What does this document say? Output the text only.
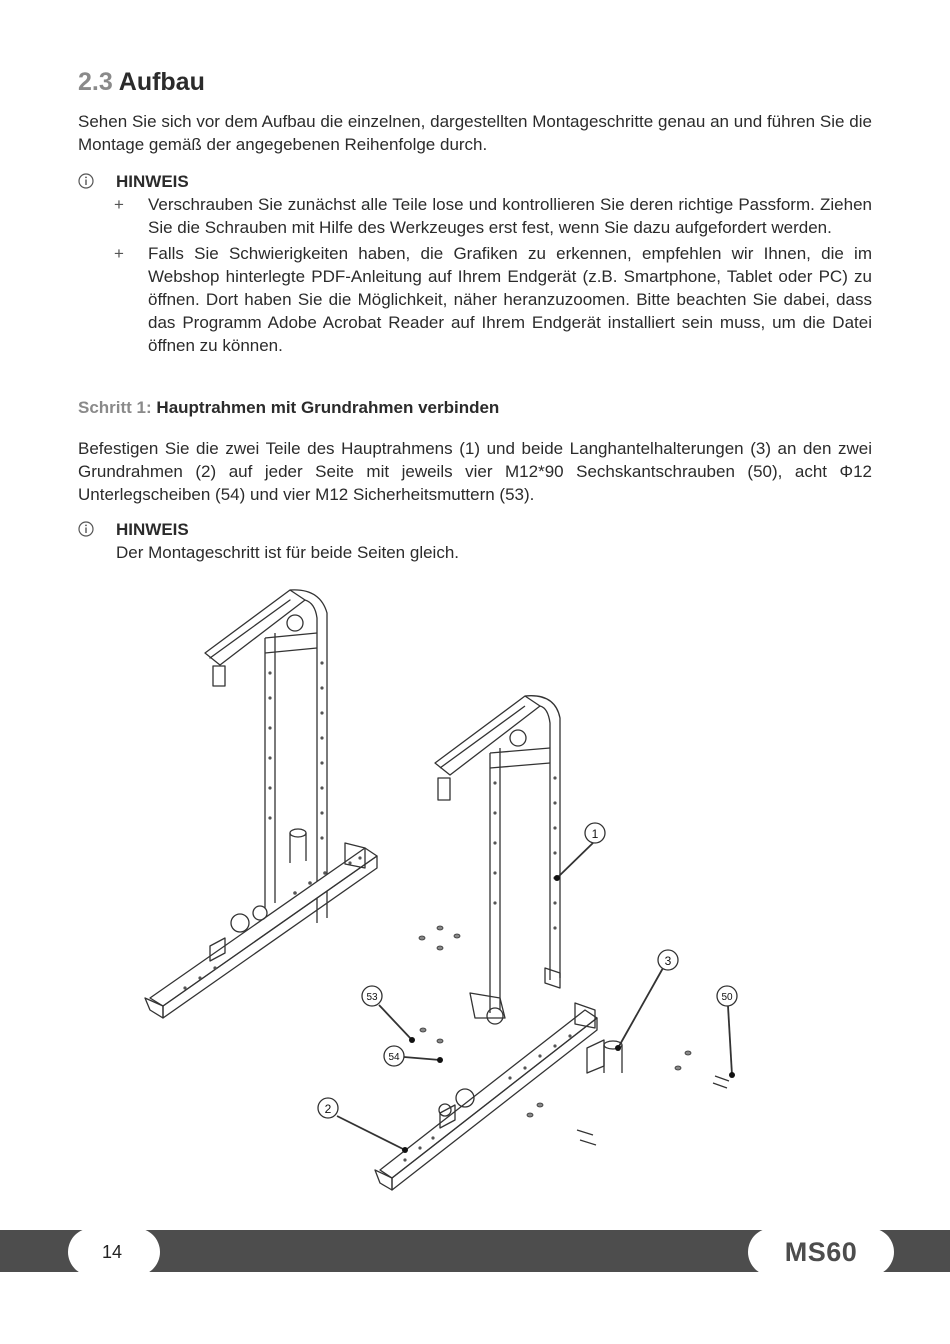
2.3 Aufbau

Sehen Sie sich vor dem Aufbau die einzelnen, dargestellten Montageschritte genau an und führen Sie die Montage gemäß der angegebenen Reihenfolge durch.

HINWEIS
+ Verschrauben Sie zunächst alle Teile lose und kontrollieren Sie deren richtige Passform. Ziehen Sie die Schrauben mit Hilfe des Werkzeuges erst fest, wenn Sie dazu aufgefordert werden.
+ Falls Sie Schwierigkeiten haben, die Grafiken zu erkennen, empfehlen wir Ihnen, die im Webshop hinterlegte PDF-Anleitung auf Ihrem Endgerät (z.B. Smartphone, Tablet oder PC) zu öffnen. Dort haben Sie die Möglichkeit, näher heranzuzoomen. Bitte beachten Sie dabei, dass das Programm Adobe Acrobat Reader auf Ihrem Endgerät installiert sein muss, um die Datei öffnen zu können.
Schritt 1: Hauptrahmen mit Grundrahmen verbinden

Befestigen Sie die zwei Teile des Hauptrahmens (1) und beide Langhantelhalterungen (3) an den zwei Grundrahmen (2) auf jeder Seite mit jeweils vier M12*90 Sechskantschrauben (50), acht Φ12 Unterlegscheiben (54) und vier M12 Sicherheitsmuttern (53).

HINWEIS
Der Montageschritt ist für beide Seiten gleich.
1
2
3
50
53
54
14	MS60
